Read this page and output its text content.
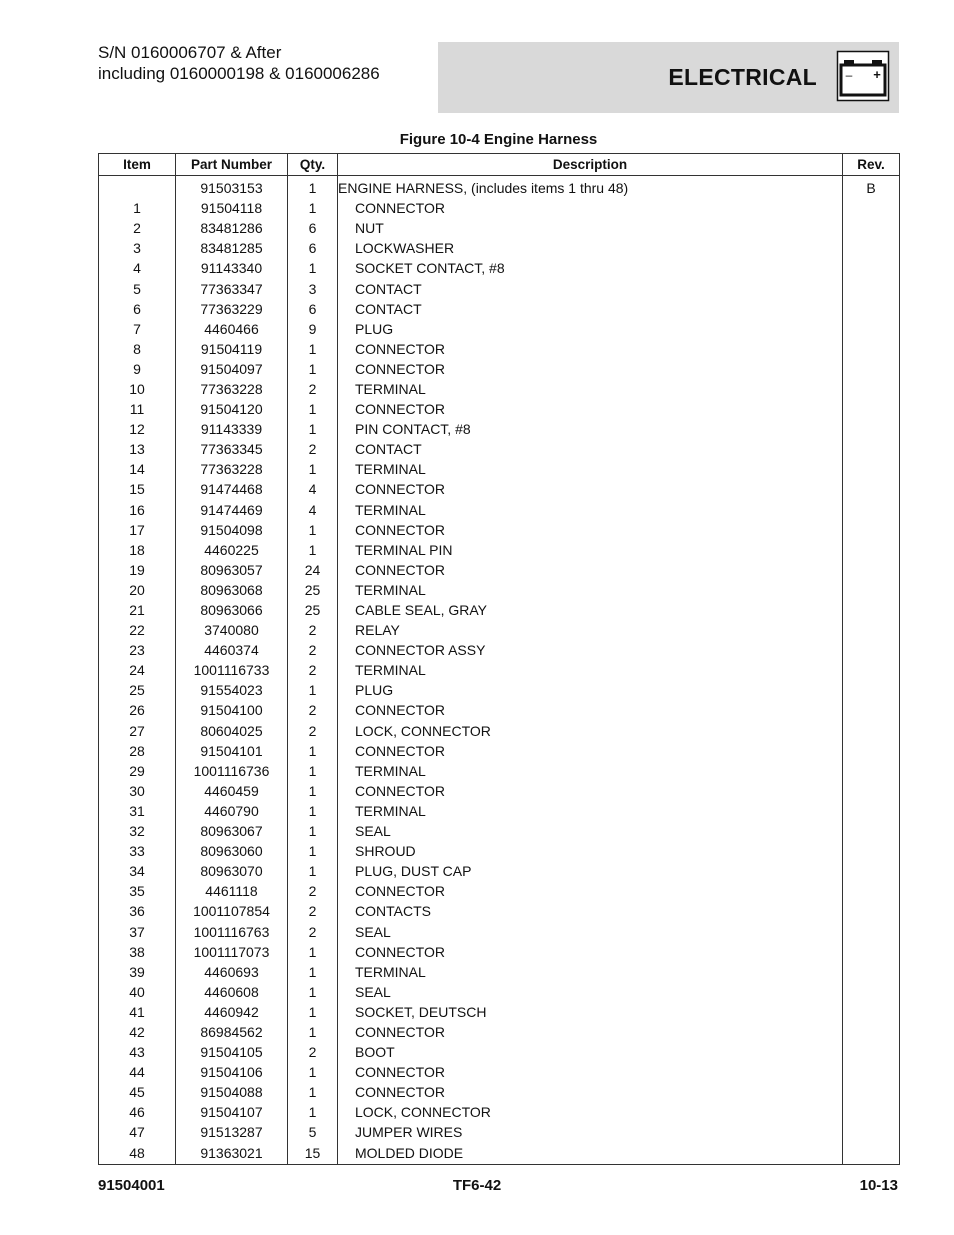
S/N 0160006707 & After
including 0160000198 & 0160006286	ELECTRICAL – +
Figure 10-4 Engine Harness
Item	Part Number	Qty.	Description	Rev.
	91503153	1	ENGINE HARNESS, (includes items 1 thru 48)	B
1	91504118	1	CONNECTOR	
2	83481286	6	NUT	
3	83481285	6	LOCKWASHER	
4	91143340	1	SOCKET CONTACT, #8	
5	77363347	3	CONTACT	
6	77363229	6	CONTACT	
7	4460466	9	PLUG	
8	91504119	1	CONNECTOR	
9	91504097	1	CONNECTOR	
10	77363228	2	TERMINAL	
11	91504120	1	CONNECTOR	
12	91143339	1	PIN CONTACT, #8	
13	77363345	2	CONTACT	
14	77363228	1	TERMINAL	
15	91474468	4	CONNECTOR	
16	91474469	4	TERMINAL	
17	91504098	1	CONNECTOR	
18	4460225	1	TERMINAL PIN	
19	80963057	24	CONNECTOR	
20	80963068	25	TERMINAL	
21	80963066	25	CABLE SEAL, GRAY	
22	3740080	2	RELAY	
23	4460374	2	CONNECTOR ASSY	
24	1001116733	2	TERMINAL	
25	91554023	1	PLUG	
26	91504100	2	CONNECTOR	
27	80604025	2	LOCK, CONNECTOR	
28	91504101	1	CONNECTOR	
29	1001116736	1	TERMINAL	
30	4460459	1	CONNECTOR	
31	4460790	1	TERMINAL	
32	80963067	1	SEAL	
33	80963060	1	SHROUD	
34	80963070	1	PLUG, DUST CAP	
35	4461118	2	CONNECTOR	
36	1001107854	2	CONTACTS	
37	1001116763	2	SEAL	
38	1001117073	1	CONNECTOR	
39	4460693	1	TERMINAL	
40	4460608	1	SEAL	
41	4460942	1	SOCKET, DEUTSCH	
42	86984562	1	CONNECTOR	
43	91504105	2	BOOT	
44	91504106	1	CONNECTOR	
45	91504088	1	CONNECTOR	
46	91504107	1	LOCK, CONNECTOR	
47	91513287	5	JUMPER WIRES	
48	91363021	15	MOLDED DIODE	
91504001	TF6-42	10-13
